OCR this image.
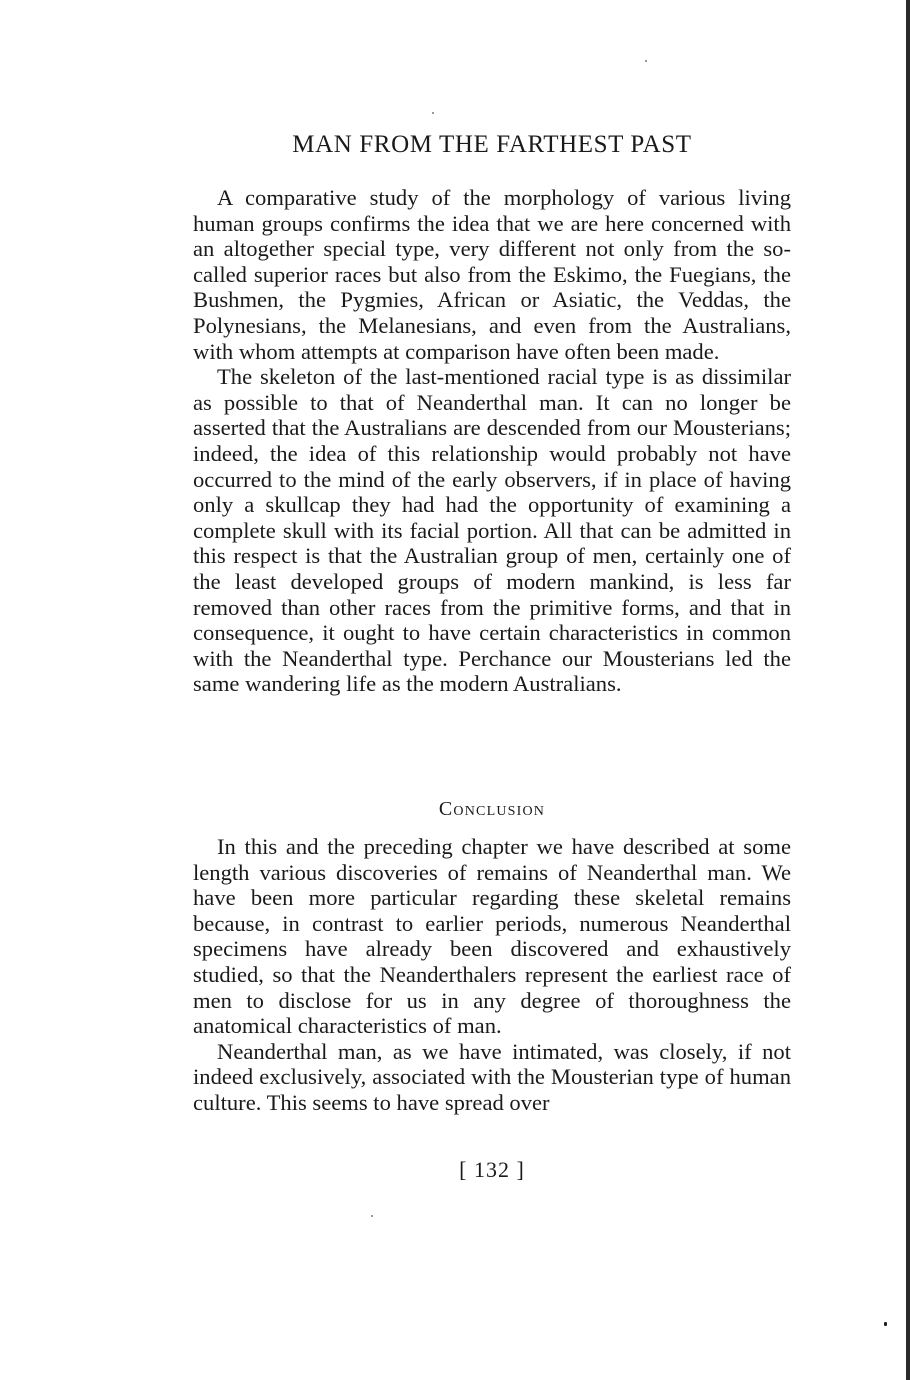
MAN FROM THE FARTHEST PAST

A comparative study of the morphology of various living human groups confirms the idea that we are here concerned with an altogether special type, very different not only from the so-called superior races but also from the Eskimo, the Fuegians, the Bushmen, the Pygmies, African or Asiatic, the Veddas, the Polynesians, the Melanesians, and even from the Australians, with whom attempts at comparison have often been made.

The skeleton of the last-mentioned racial type is as dissimilar as possible to that of Neanderthal man. It can no longer be asserted that the Australians are descended from our Mousterians; indeed, the idea of this relationship would probably not have occurred to the mind of the early observers, if in place of having only a skullcap they had had the opportunity of examining a complete skull with its facial portion. All that can be admitted in this respect is that the Australian group of men, certainly one of the least developed groups of modern mankind, is less far removed than other races from the primitive forms, and that in consequence, it ought to have certain characteristics in common with the Neanderthal type. Perchance our Mousterians led the same wandering life as the modern Australians.

Conclusion

In this and the preceding chapter we have described at some length various discoveries of remains of Neanderthal man. We have been more particular regarding these skeletal remains because, in contrast to earlier periods, numerous Neanderthal specimens have already been discovered and exhaustively studied, so that the Neanderthalers represent the earliest race of men to disclose for us in any degree of thoroughness the anatomical characteristics of man.

Neanderthal man, as we have intimated, was closely, if not indeed exclusively, associated with the Mousterian type of human culture. This seems to have spread over

[ 132 ]
